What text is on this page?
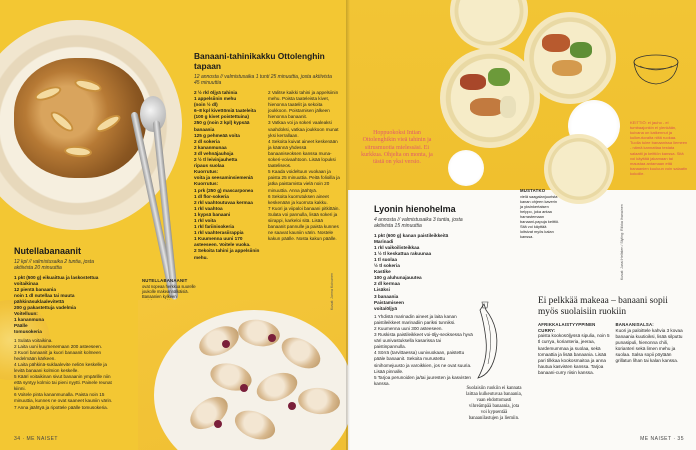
Banaani-tahinikakku Ottolenghin tapaan
12 annosta // valmistusaika 1 tunti 25 minuuttia, josta aktiivista 45 minuuttia
2 ½ rkl öljyä tahinia
1 appelsiinin mehu
(noin ½ dl)
6–8 kpl kivettömiä taateleita
(100 g kivet poistettuina)
250 g (noin 2 kpl) kypsää banaania
125 g pehmeää voita
2 dl sokeria
2 kananmunaa
3 dl vehnäjauhoja
2 ½ tl leivinjauhetta
ripaus suolaa
Kuorrutus:
voita ja seesaminsiemeniä
Kuorrutus:
1 prk (250 g) mascarponea
1 dl flor-sokeria
2 rkl vaahtoutuvaa kermaa
1 rkl vaahtoa
1 kypsä banaani
1 rkl voita
1 rkl fariinisokeria
1 rkl vaahterasiirappia
1 Kuumenna uuni 170 asteeseen. Voitele vuoka.
2 Sekoita tahini ja appelsiinin mehu.
2 Valitse kaikki tahini ja appelsiinin mehu. Poista taateleista kivet, hienonna taatelit ja sekoita joukkoon. Poistamisen jälkeen hienonna banaanit.
3 Vatkaa voi ja sokeri vaaleaksi vaahdoksi, vatkaa joukkoon munat yksi kerrallaan.
4 Sekoita kuivat aineet keskenään ja käännä yhdessä banaaniseoksen kanssa muna-sokeri-voivaahtoon. Lisää lopuksi taateliseos.
5 Kaada voideltuun vuokaan ja paista 25 minuuttia. Peitä folioilla ja jatka paistamista vielä noin 20 minuuttia. Anna jäähtyä.
6 Sekoita kuorrutuksen aineet keskenään ja kuorruta kakku.
7 Kuori ja viipaloi banaani pitkittäin. Sulata voi pannulla, lisää sokeri ja siirappi, karkeloi sitä. Lisää banaanit pannulle ja paista kunnes ne saavat kauniin värin. Nostele kakun päälle. Nosta kakun päälle.
Nutellabanaanit
12 kpl // valmistusaika 2 tuntia, josta aktiivista 20 minuuttia
1 pkt (500 g) eikuaittua ja laskostettua voitaikinaa
12 pientä banaania
noin 1 dl nutellaa tai muuta pähkinäsuklaalevitettä
200 g pakastettuja vadelmia
Voitelluun:
1 kananmuna
Päälle
tomusokeria
1 Sulata voitaikina.
2 Laita uuni kuumenemaan 200 asteeseen.
3 Kuori banaanit ja kuori banaanit kolmeen hedelmään kärkeen.
4 Laita pähkinä-suklaalevite neliön keskelle ja levitä banaani kolmion keskelle.
5 Kääri voitaikinan sivut banaanin ympärille niin että syntyy kolmio tai pieni nyytti. Painele reunat kiinni.
6 Voitele pinta kananmunalla. Paista noin 15 minuuttia, kunnes ne ovat saaneet kauniin värin.
7 Anna jäähtyä ja ripottele päälle tomusokeria.
NUTELLABANAANIT
ovat nopeaa herkkua suurelle joukolle makeannälkäisiä. Banaanien kylkeen	Kuvat: Jonna Koivunen
34 · ME NAISET
Hoppuokoksi Intian Ottolenghikin vieä tahinin ja sitrusmuotia mielessäsi. Ei kurkkua. Ohjelta on monta, ja tästä on yksi versio.
Lyonin hienohelma
4 annosta // valmistusaika 3 tuntia, josta aktiivista 15 minuuttia
1 pkt (600 g) kanan paistileikkeitä
Marinadi
1 rkl vaikoilisteikkaa
1 ½ tl keskattua rakuunaa
1 tl suolaa
½ tl sokeria
Kastike
100 g aluhunajauutea
2 dl kermaa
Lisäksi
3 banaania
Paistamiseen
voita/öljyä
1 Yhdistä marinadin aineet ja laita kanan paistileikkeet marinadiin pariksi tunniksi.
2 Kuumenna uuni 300 asteeseen.
3 Ruskista paistileikkeet voi-öljy-seoksessa hyvä väri uunivastuksella kasarissa tai paistinpannulla.
4 Sörrä (tarvittaessa) uunivuokaan, paistettu pääle banaanit. Sekoita murustettu sinihomejuusto ja varoikkien, jos ne ovat suuria. Lisää pinnalle.
5 Tarjoa perunoiden ja/tai juuresten ja kasvisten kanssa.
MUSTATKO
vielä saagalanjuurista kanan ohjeen kaverin ja yksinkertaisen helppo, joka antaa harrastemaan banaani-papuja keittiö. Sitä voi käyttää loitsivat myös kalan kanssa.	Kuvat: Jussi Hellsten / Styling: Riikka Ihanainen
KEITTIÖ: ei jauho - ei tumbaajonkin ei ylenkään, kuivana on katkennut ja kulkeutuvalta niitä ruokaa. Tuolla tulee banaanissa liemeen - nämä kannattaa testata salaatti ja keittiön kanssa. Sitä voi käyttää jakamaan tai maustaa antamaan että banaanien kuuluun voin salaatin kokoille.
Suolaisiin ruokiin ei kannata laittaa kulkeutuvaa banaania, vaan ehdottomasti vihreämpää banaania, jota voi kypsentää banaanilastujen ja liemiin.
Ei pelkkää makeaa – banaani sopii myös suolaisiin ruokiin
AFRIKKALAISTYYPPINEN CURRY:
paista kookosöljyssä sipulia, noin 5 tl currya, korianteria, jeeraa, kardemummaa ja suolaa, sekä tomaattia ja lisää banaania. Lisää pari tilkkaa kookosmaitoa ja anna hautua kasvisten kanssa. Tarjoa banaani-curry riisin kanssa.
BANAANISALSA:
Kuori ja paloittele kahvia 3 kovaa banaania kuutioiksi, lisää silputtu punasipuli, hienonna chili, korianteri sekä limen mehu ja suolaa. Salsa sopii pöytään grillatun lihan tai kalan kanssa.
ME NAISET · 35
